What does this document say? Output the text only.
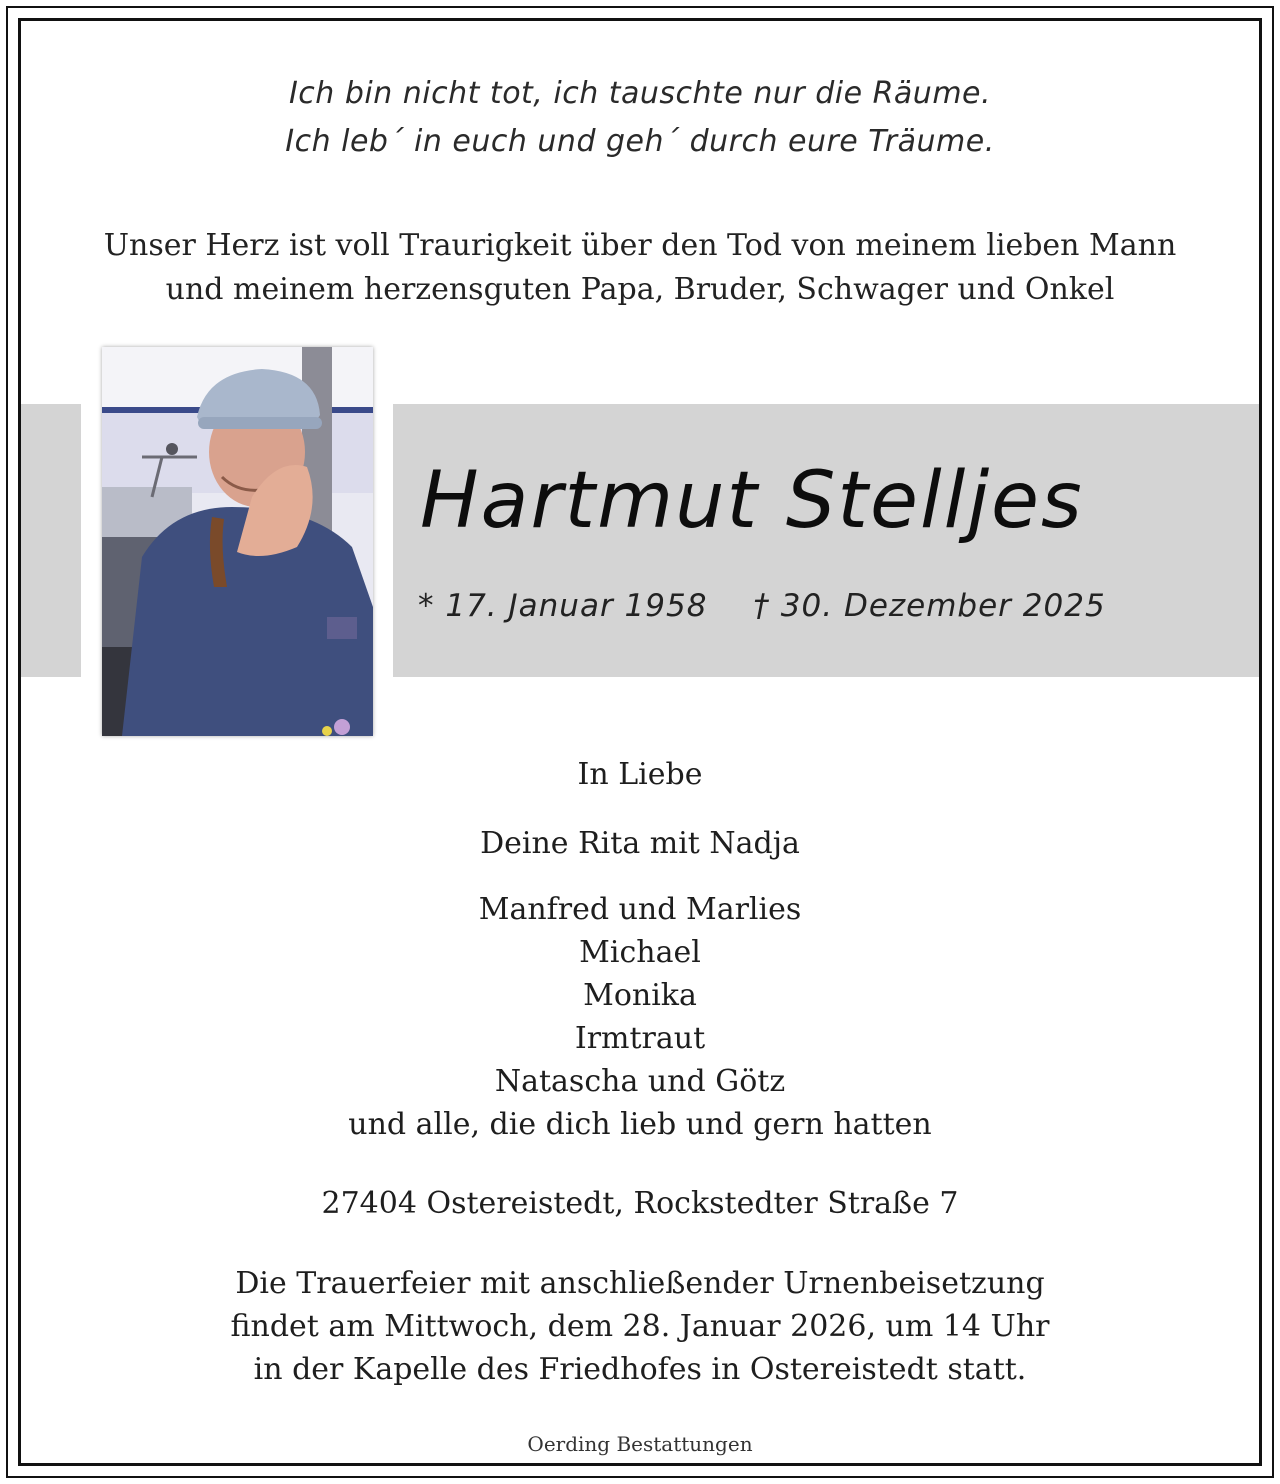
Ich bin nicht tot, ich tauschte nur die Räume.
Ich leb´ in euch und geh´ durch eure Träume.
Unser Herz ist voll Traurigkeit über den Tod von meinem lieben Mann
und meinem herzensguten Papa, Bruder, Schwager und Onkel
Hartmut Stelljes
* 17. Januar 1958 † 30. Dezember 2025
In Liebe
Deine Rita mit Nadja
Manfred und Marlies
Michael
Monika
Irmtraut
Natascha und Götz
und alle, die dich lieb und gern hatten
27404 Ostereistedt, Rockstedter Straße 7
Die Trauerfeier mit anschließender Urnenbeisetzung
findet am Mittwoch, dem 28. Januar 2026, um 14 Uhr
in der Kapelle des Friedhofes in Ostereistedt statt.
Oerding Bestattungen
